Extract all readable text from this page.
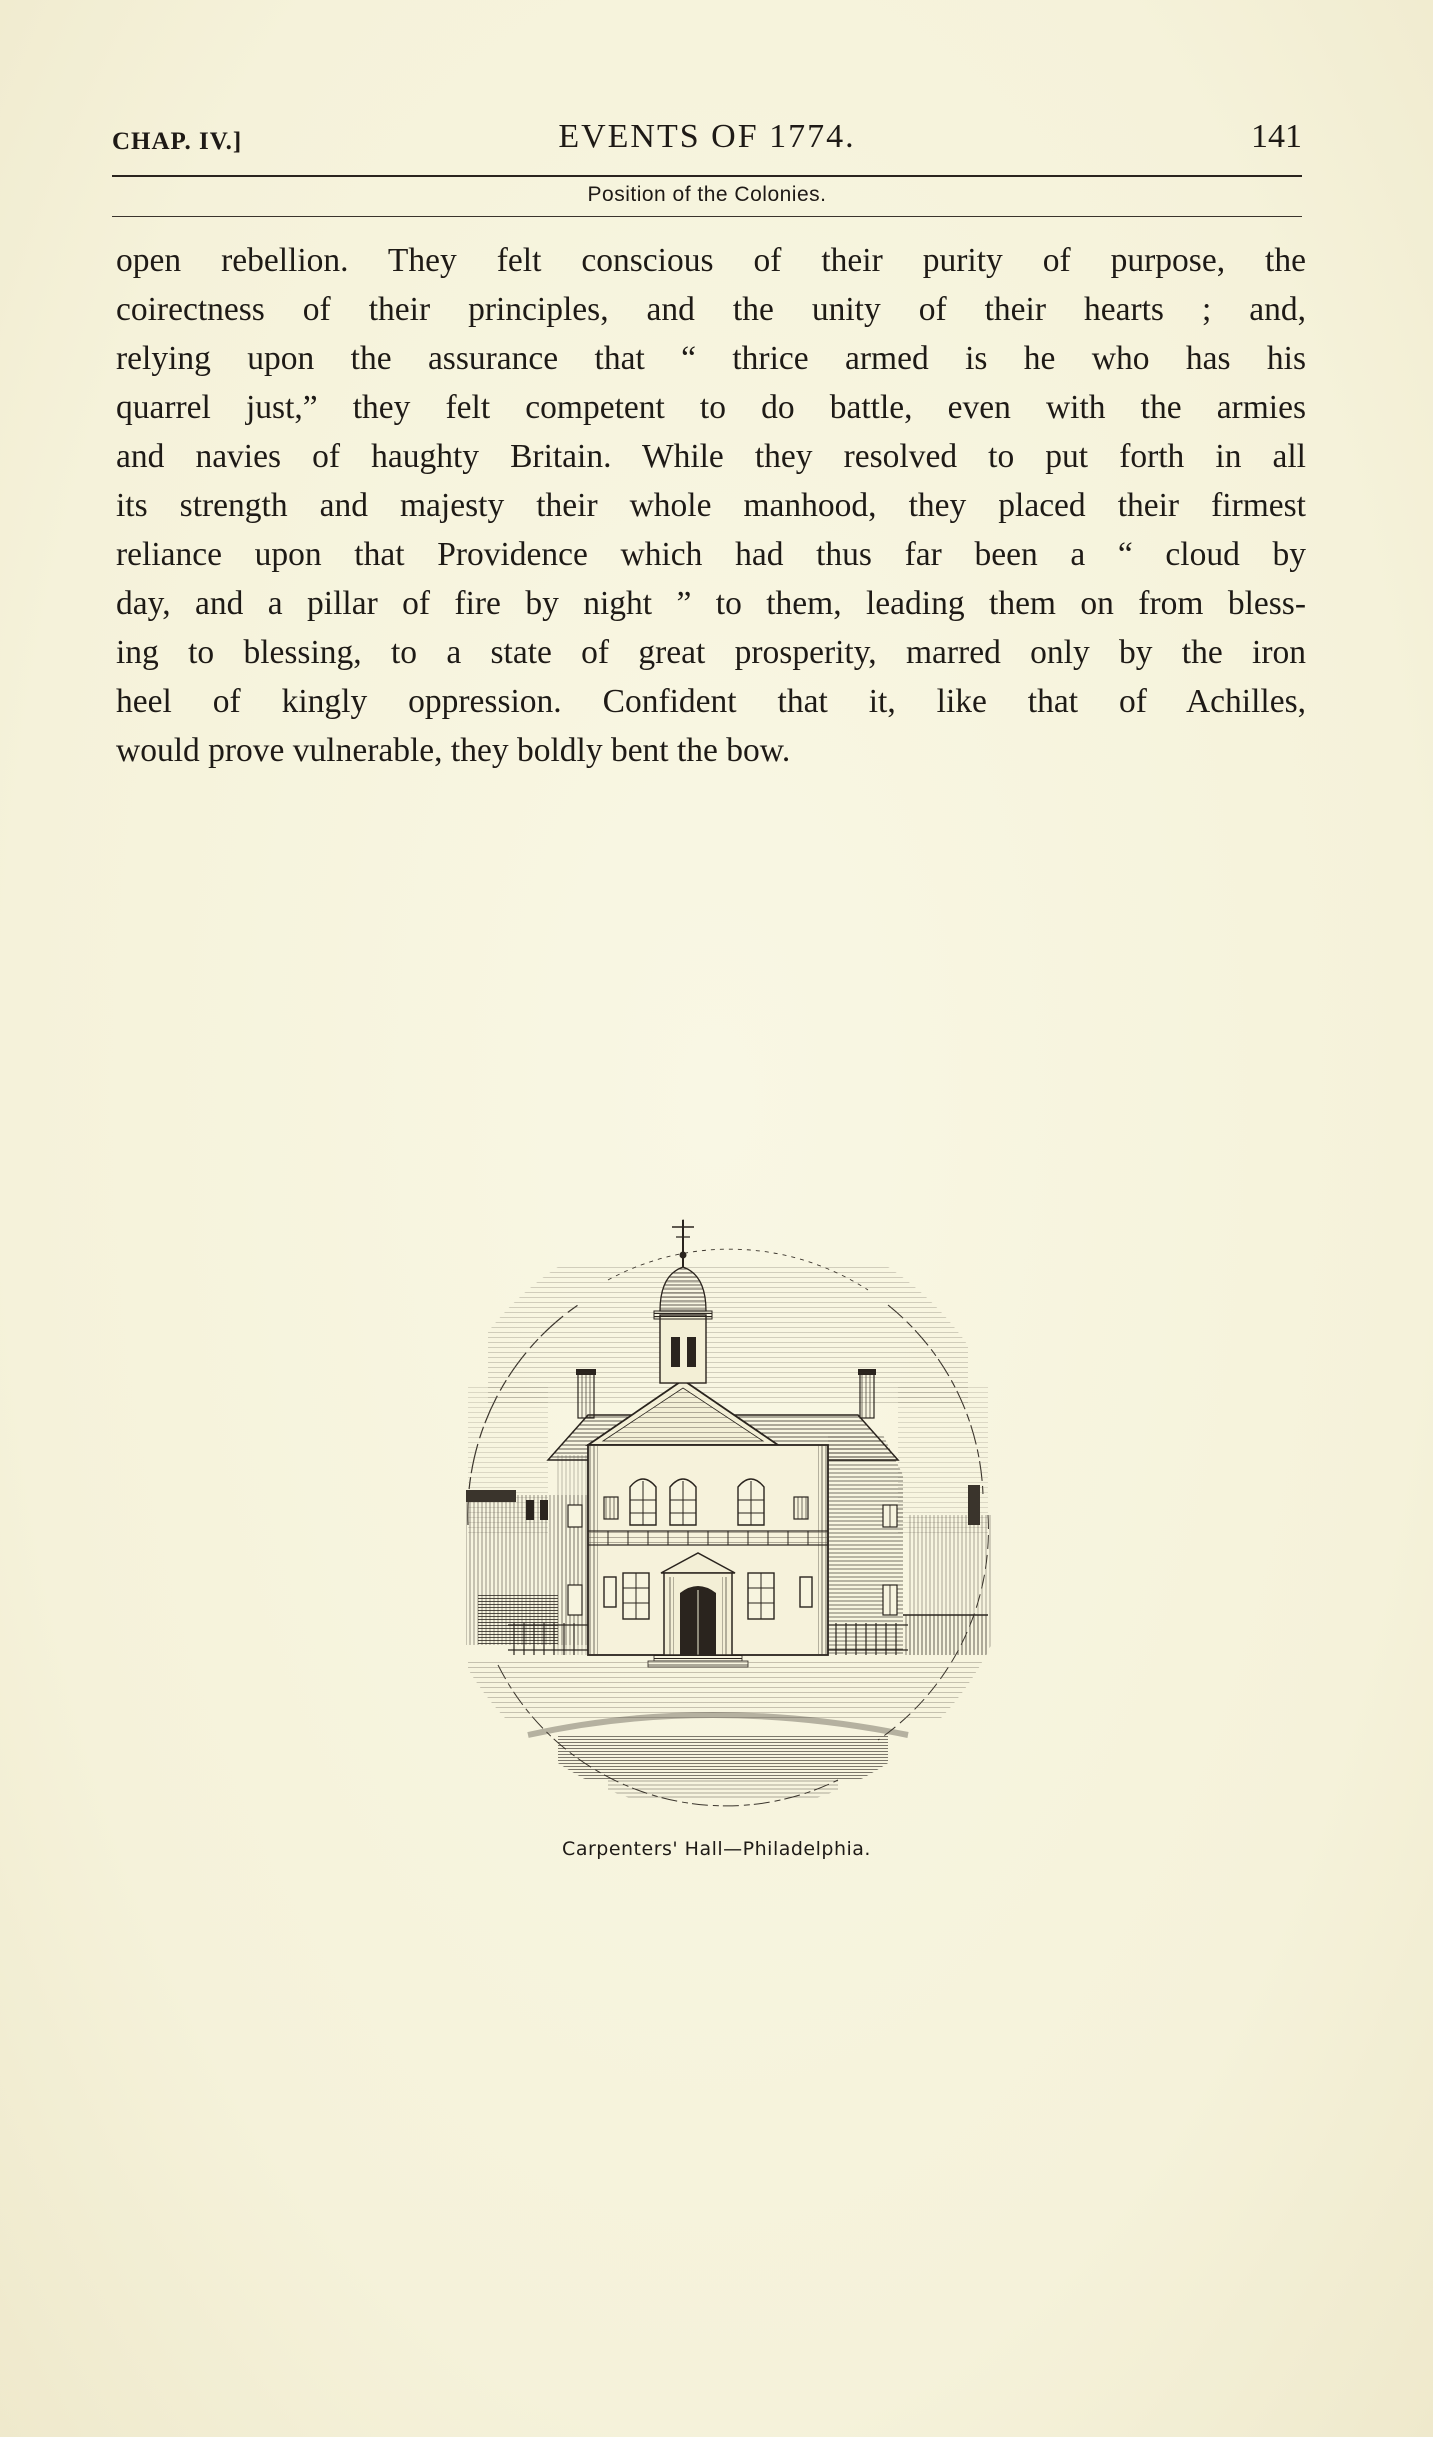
CHAP. IV.]	EVENTS OF 1774.	141
Position of the Colonies.
open rebellion. They felt conscious of their purity of purpose, the
coirectness of their principles, and the unity of their hearts ; and,
relying upon the assurance that “ thrice armed is he who has his
quarrel just,” they felt competent to do battle, even with the armies
and navies of haughty Britain. While they resolved to put forth in all
its strength and majesty their whole manhood, they placed their firmest
reliance upon that Providence which had thus far been a “ cloud by
day, and a pillar of fire by night ” to them, leading them on from bless-
ing to blessing, to a state of great prosperity, marred only by the iron
heel of kingly oppression. Confident that it, like that of Achilles,
would prove vulnerable, they boldly bent the bow.
Carpenters' Hall—Philadelphia.
